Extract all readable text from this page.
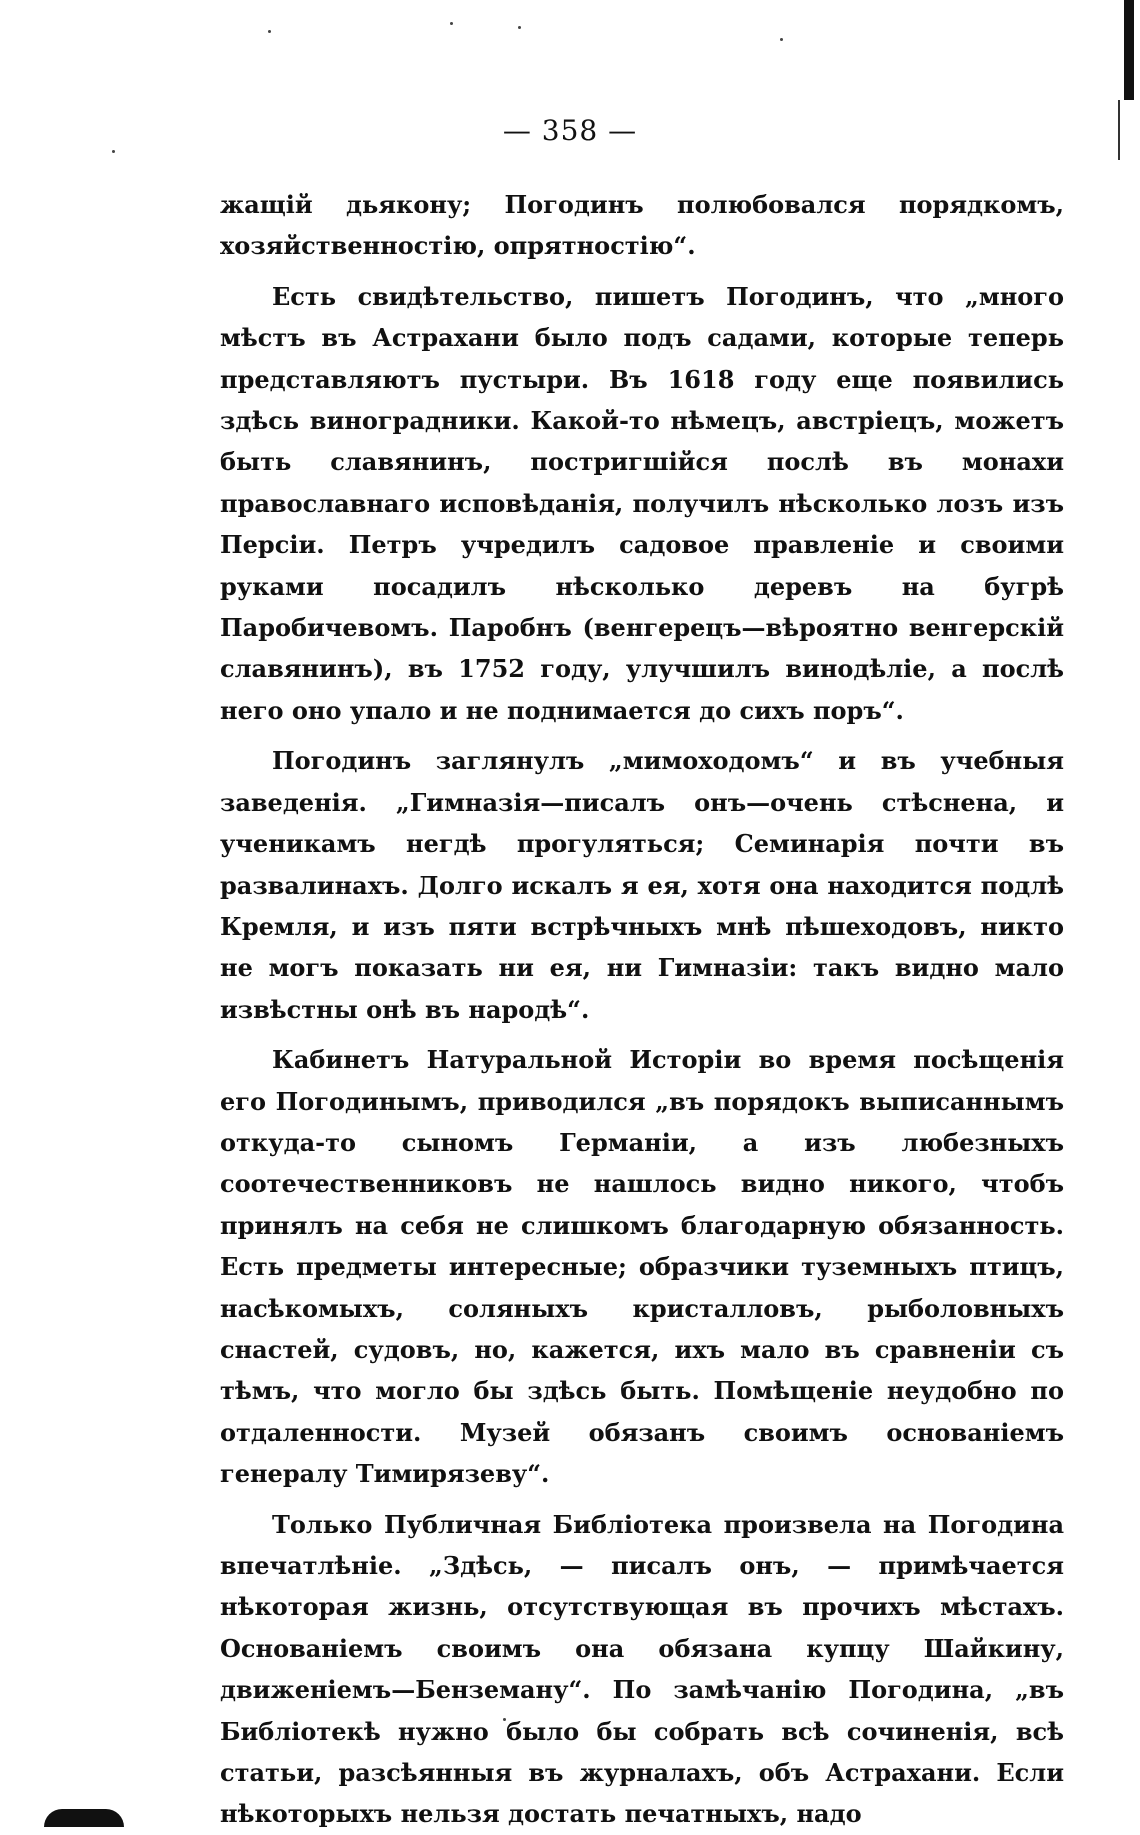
— 358 —

жащій дьякону; Погодинъ полюбовался порядкомъ, хозяйственностію, опрятностію“.

Есть свидѣтельство, пишетъ Погодинъ, что „много мѣстъ въ Астрахани было подъ садами, которые теперь представляютъ пустыри. Въ 1618 году еще появились здѣсь виноградники. Какой-то нѣмецъ, австріецъ, можетъ быть славянинъ, постригшійся послѣ въ монахи православнаго исповѣданія, получилъ нѣсколько лозъ изъ Персіи. Петръ учредилъ садовое правленіе и своими руками посадилъ нѣсколько деревъ на бугрѣ Паробичевомъ. Паробнъ (венгерецъ—вѣроятно венгерскій славянинъ), въ 1752 году, улучшилъ винодѣліе, а послѣ него оно упало и не поднимается до сихъ поръ“.

Погодинъ заглянулъ „мимоходомъ“ и въ учебныя заведенія. „Гимназія—писалъ онъ—очень стѣснена, и ученикамъ негдѣ прогуляться; Семинарія почти въ развалинахъ. Долго искалъ я ея, хотя она находится подлѣ Кремля, и изъ пяти встрѣчныхъ мнѣ пѣшеходовъ, никто не могъ показать ни ея, ни Гимназіи: такъ видно мало извѣстны онѣ въ народѣ“.

Кабинетъ Натуральной Исторіи во время посѣщенія его Погодинымъ, приводился „въ порядокъ выписаннымъ откуда-то сыномъ Германіи, а изъ любезныхъ соотечественниковъ не нашлось видно никого, чтобъ принялъ на себя не слишкомъ благодарную обязанность. Есть предметы интересные; образчики туземныхъ птицъ, насѣкомыхъ, соляныхъ кристалловъ, рыболовныхъ снастей, судовъ, но, кажется, ихъ мало въ сравненіи съ тѣмъ, что могло бы здѣсь быть. Помѣщеніе неудобно по отдаленности. Музей обязанъ своимъ основаніемъ генералу Тимирязеву“.

Только Публичная Библіотека произвела на Погодина впечатлѣніе. „Здѣсь, — писалъ онъ, — примѣчается нѣкоторая жизнь, отсутствующая въ прочихъ мѣстахъ. Основаніемъ своимъ она обязана купцу Шайкину, движеніемъ—Бенземану“. По замѣчанію Погодина, „въ Библіотекѣ нужно было бы собрать всѣ сочиненія, всѣ статьи, разсѣянныя въ журналахъ, объ Астрахани. Если нѣкоторыхъ нельзя достать печатныхъ, надо
